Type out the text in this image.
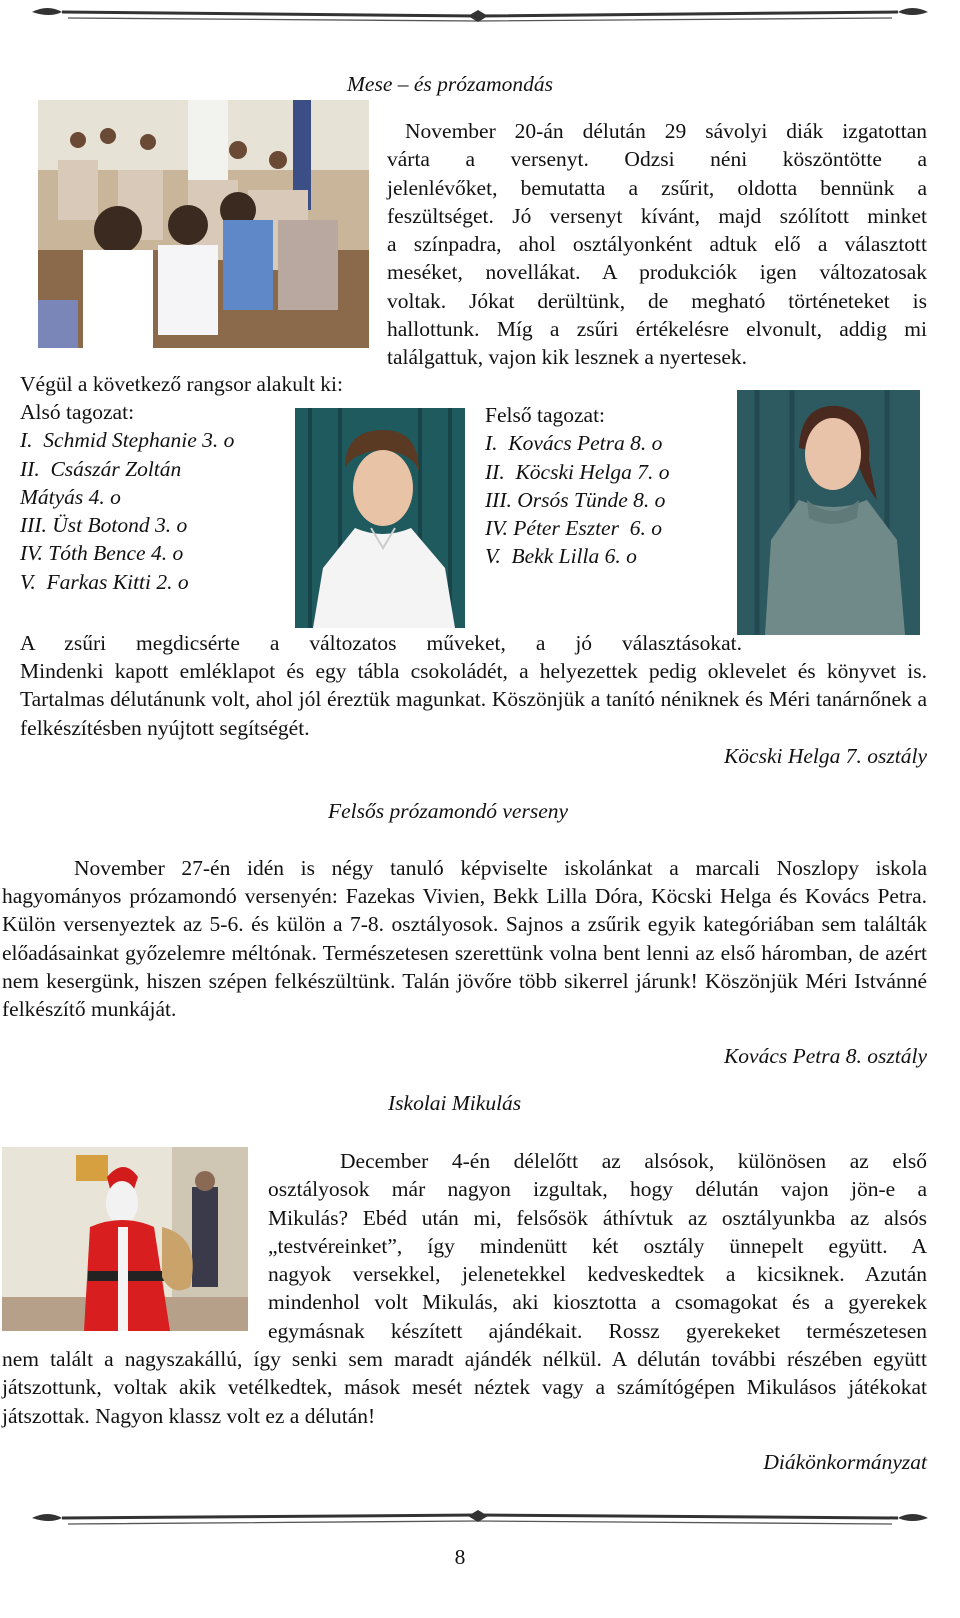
Mese – és prózamondás

November 20-án délután 29 sávolyi diák izgatottan

várta a versenyt. Odzsi néni köszöntötte a

jelenlévőket, bemutatta a zsűrit, oldotta bennünk a

feszültséget. Jó versenyt kívánt, majd szólított minket

a színpadra, ahol osztályonként adtuk elő a választott

meséket, novellákat. A produkciók igen változatosak

voltak. Jókat derültünk, de megható történeteket is

hallottunk. Míg a zsűri értékelésre elvonult, addig mi

találgattuk, vajon kik lesznek a nyertesek.

Végül a következő rangsor alakult ki:

Alsó tagozat:

I.  Schmid Stephanie 3. o

II.  Császár Zoltán

Mátyás 4. o

III. Üst Botond 3. o

IV. Tóth Bence 4. o

V.  Farkas Kitti 2. o

Felső tagozat:

I.  Kovács Petra 8. o

II.  Köcski Helga 7. o

III. Orsós Tünde 8. o

IV. Péter Eszter  6. o

V.  Bekk Lilla 6. o

A zsűri megdicsérte a változatos műveket, a jó választásokat.
Mindenki kapott emléklapot és egy tábla csokoládét, a helyezettek pedig oklevelet és könyvet is. Tartalmas délutánunk volt, ahol jól éreztük magunkat. Köszönjük a tanító néniknek és Méri tanárnőnek a felkészítésben nyújtott segítségét.
Köcski Helga 7. osztály
Felsős prózamondó verseny
November 27-én idén is négy tanuló képviselte iskolánkat a marcali Noszlopy iskola
hagyományos prózamondó versenyén: Fazekas Vivien, Bekk Lilla Dóra, Köcski Helga és Kovács Petra. Külön versenyeztek az 5-6. és külön a 7-8. osztályosok. Sajnos a zsűrik egyik kategóriában sem találták előadásainkat győzelemre méltónak. Természetesen szerettünk volna bent lenni az első háromban, de azért nem kesergünk, hiszen szépen felkészültünk. Talán jövőre több sikerrel járunk! Köszönjük Méri Istvánné felkészítő munkáját.
Kovács Petra 8. osztály
Iskolai Mikulás

December 4-én délelőtt az alsósok, különösen az első

osztályosok már nagyon izgultak, hogy délután vajon jön-e a

Mikulás? Ebéd után mi, felsősök áthívtuk az osztályunkba az alsós

„testvéreinket”, így mindenütt két osztály ünnepelt együtt. A

nagyok versekkel, jelenetekkel kedveskedtek a kicsiknek. Azután

mindenhol volt Mikulás, aki kiosztotta a csomagokat és a gyerekek

egymásnak készített ajándékait. Rossz gyerekeket természetesen

nem talált a nagyszakállú, így senki sem maradt ajándék nélkül. A délután további részében együtt játszottunk, voltak akik vetélkedtek, mások mesét néztek vagy a számítógépen Mikulásos játékokat játszottak. Nagyon klassz volt ez a délután!
Diákönkormányzat
8
